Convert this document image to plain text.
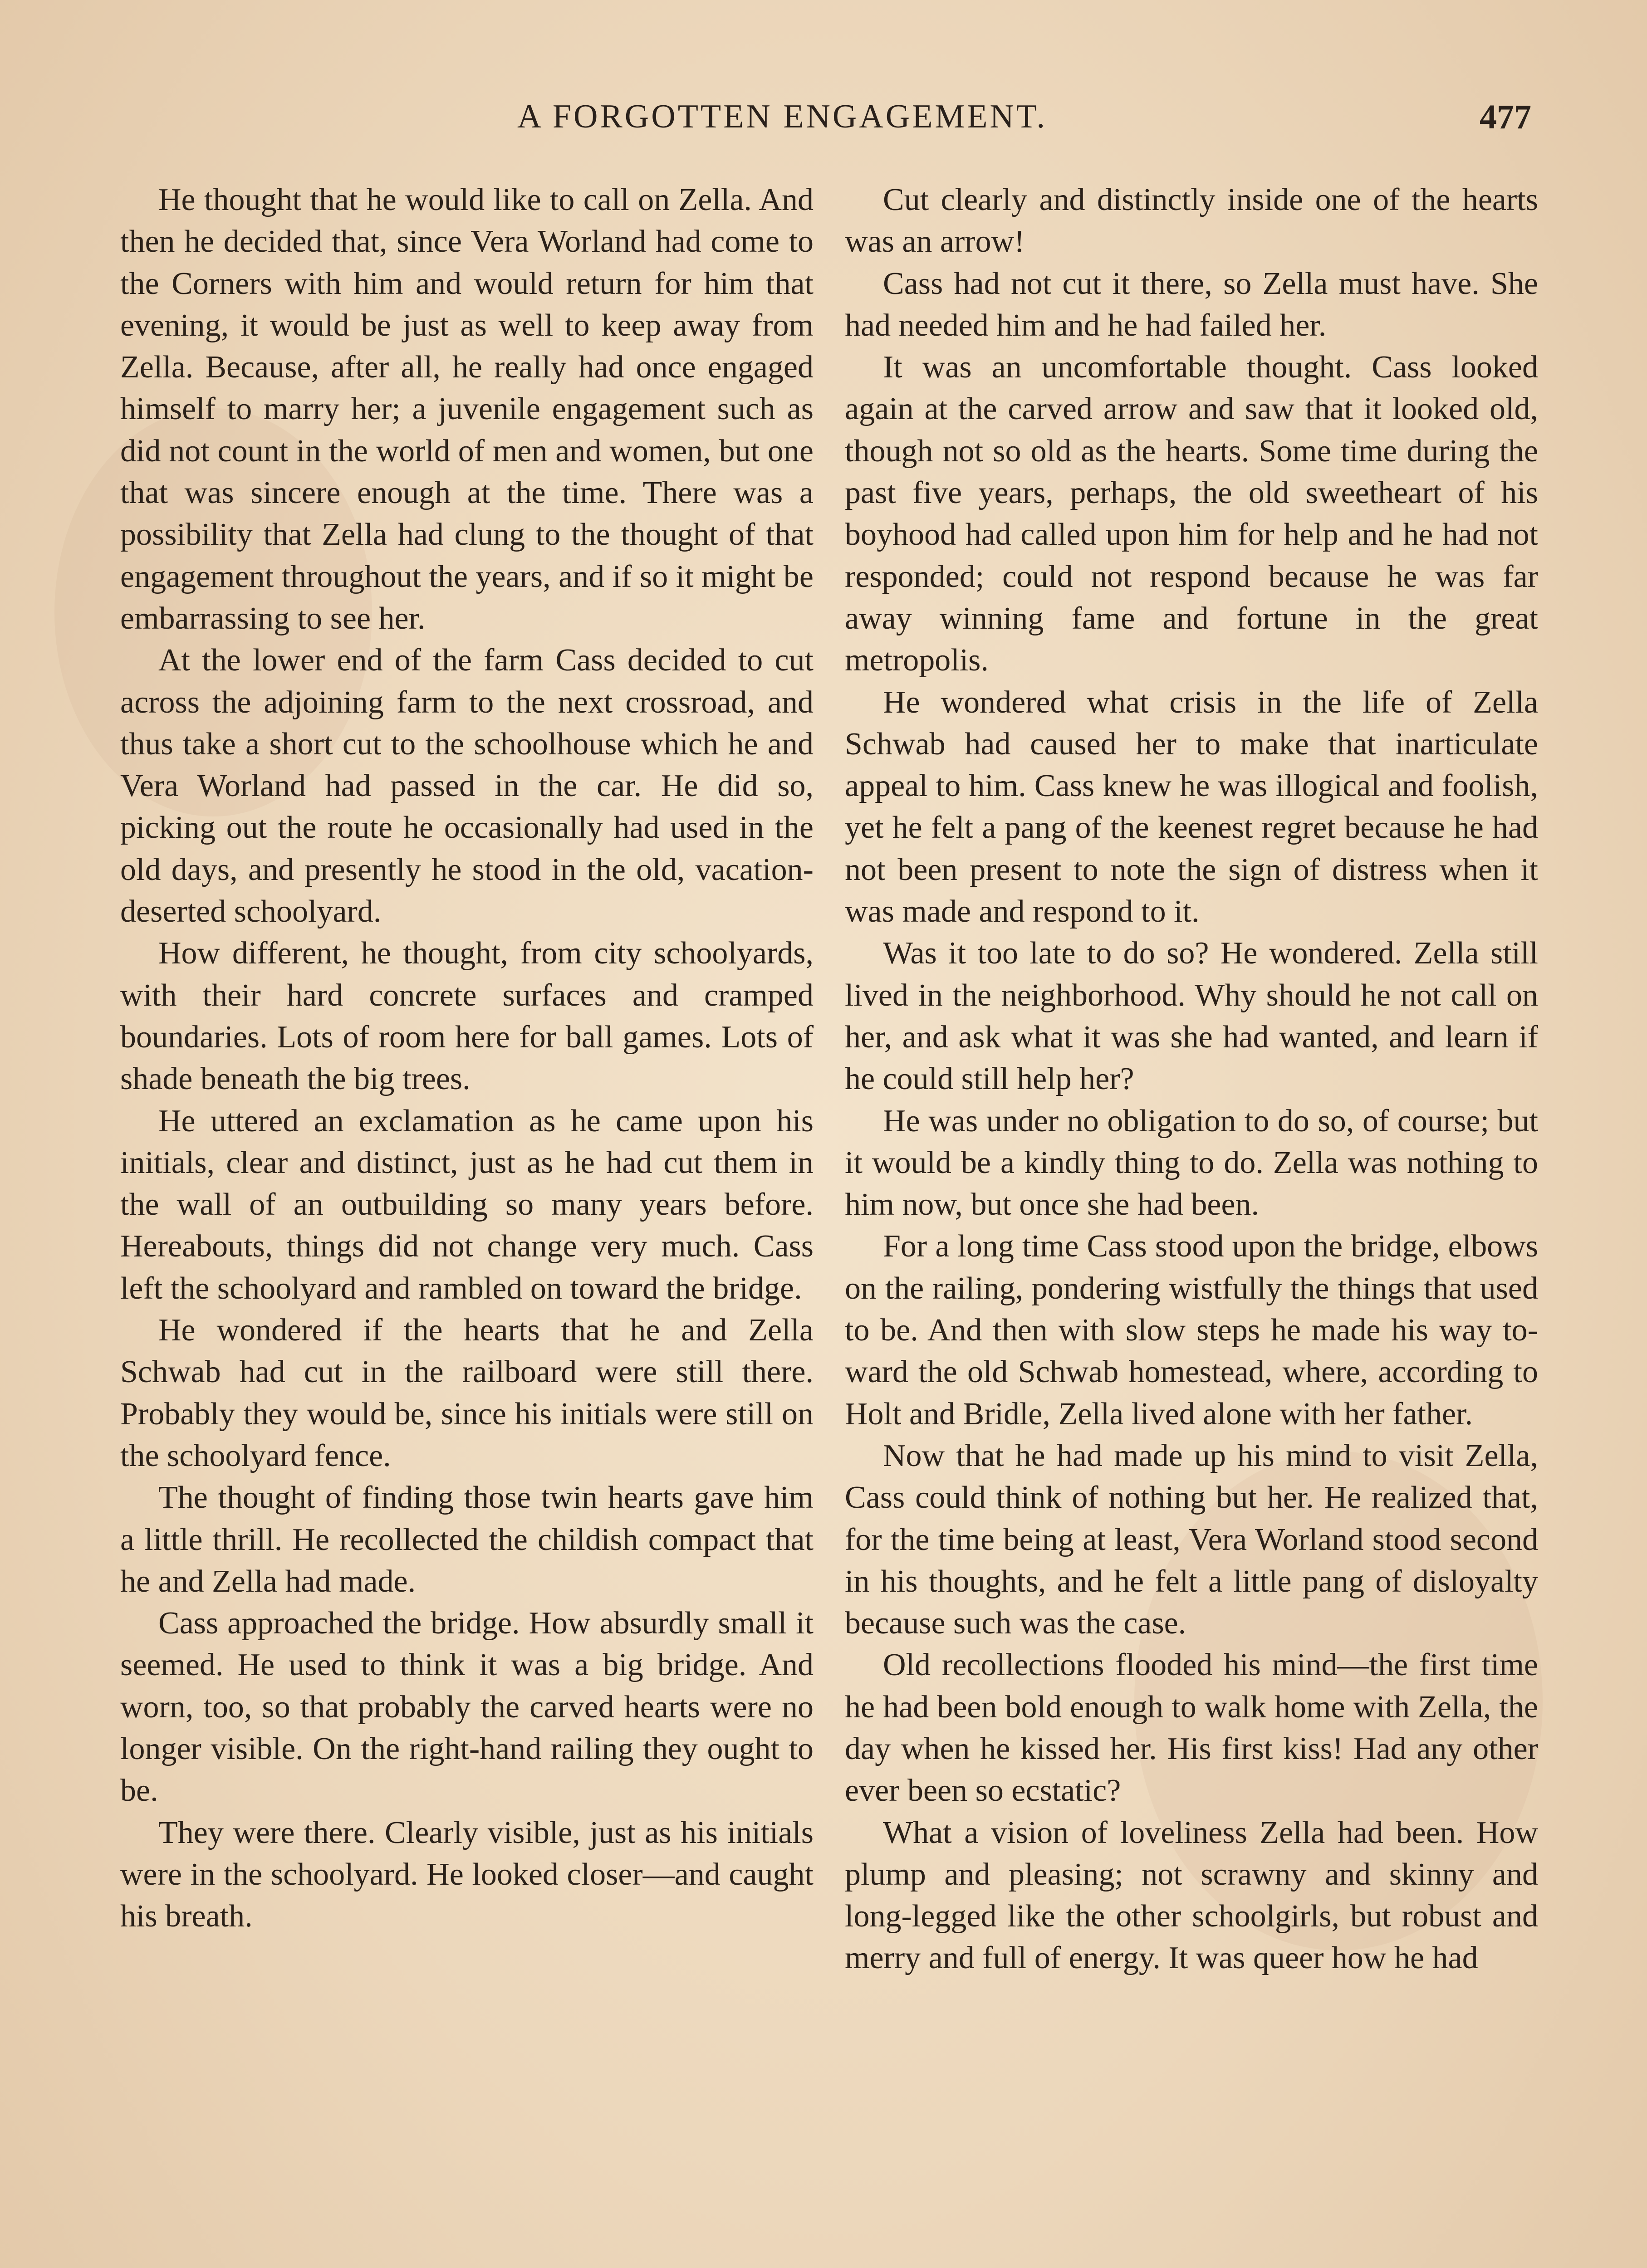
A FORGOTTEN ENGAGEMENT.	477

He thought that he would like to call on Zella. And then he decided that, since Vera Worland had come to the Corners with him and would return for him that evening, it would be just as well to keep away from Zella. Because, after all, he really had once engaged himself to marry her; a juvenile engagement such as did not count in the world of men and women, but one that was sincere enough at the time. There was a possibility that Zella had clung to the thought of that engagement throughout the years, and if so it might be embarrassing to see her.

At the lower end of the farm Cass decided to cut across the adjoining farm to the next crossroad, and thus take a short cut to the schoolhouse which he and Vera Worland had passed in the car. He did so, picking out the route he occasionally had used in the old days, and presently he stood in the old, vacation-deserted schoolyard.

How different, he thought, from city schoolyards, with their hard concrete surfaces and cramped boundaries. Lots of room here for ball games. Lots of shade beneath the big trees.

He uttered an exclamation as he came upon his initials, clear and distinct, just as he had cut them in the wall of an outbuilding so many years before. Hereabouts, things did not change very much. Cass left the schoolyard and rambled on toward the bridge.

He wondered if the hearts that he and Zella Schwab had cut in the railboard were still there. Probably they would be, since his initials were still on the schoolyard fence.

The thought of finding those twin hearts gave him a little thrill. He recollected the childish compact that he and Zella had made.

Cass approached the bridge. How absurdly small it seemed. He used to think it was a big bridge. And worn, too, so that probably the carved hearts were no longer visible. On the right-hand railing they ought to be.

They were there. Clearly visible, just as his initials were in the schoolyard. He looked closer—and caught his breath.

Cut clearly and distinctly inside one of the hearts was an arrow!

Cass had not cut it there, so Zella must have. She had needed him and he had failed her.

It was an uncomfortable thought. Cass looked again at the carved arrow and saw that it looked old, though not so old as the hearts. Some time during the past five years, perhaps, the old sweetheart of his boyhood had called upon him for help and he had not responded; could not respond because he was far away winning fame and fortune in the great metropolis.

He wondered what crisis in the life of Zella Schwab had caused her to make that inarticulate appeal to him. Cass knew he was illogical and foolish, yet he felt a pang of the keenest regret because he had not been present to note the sign of distress when it was made and respond to it.

Was it too late to do so? He wondered. Zella still lived in the neighborhood. Why should he not call on her, and ask what it was she had wanted, and learn if he could still help her?

He was under no obligation to do so, of course; but it would be a kindly thing to do. Zella was nothing to him now, but once she had been.

For a long time Cass stood upon the bridge, elbows on the railing, pondering wistfully the things that used to be. And then with slow steps he made his way toward the old Schwab homestead, where, according to Holt and Bridle, Zella lived alone with her father.

Now that he had made up his mind to visit Zella, Cass could think of nothing but her. He realized that, for the time being at least, Vera Worland stood second in his thoughts, and he felt a little pang of disloyalty because such was the case.

Old recollections flooded his mind—the first time he had been bold enough to walk home with Zella, the day when he kissed her. His first kiss! Had any other ever been so ecstatic?

What a vision of loveliness Zella had been. How plump and pleasing; not scrawny and skinny and long-legged like the other schoolgirls, but robust and merry and full of energy. It was queer how he had
